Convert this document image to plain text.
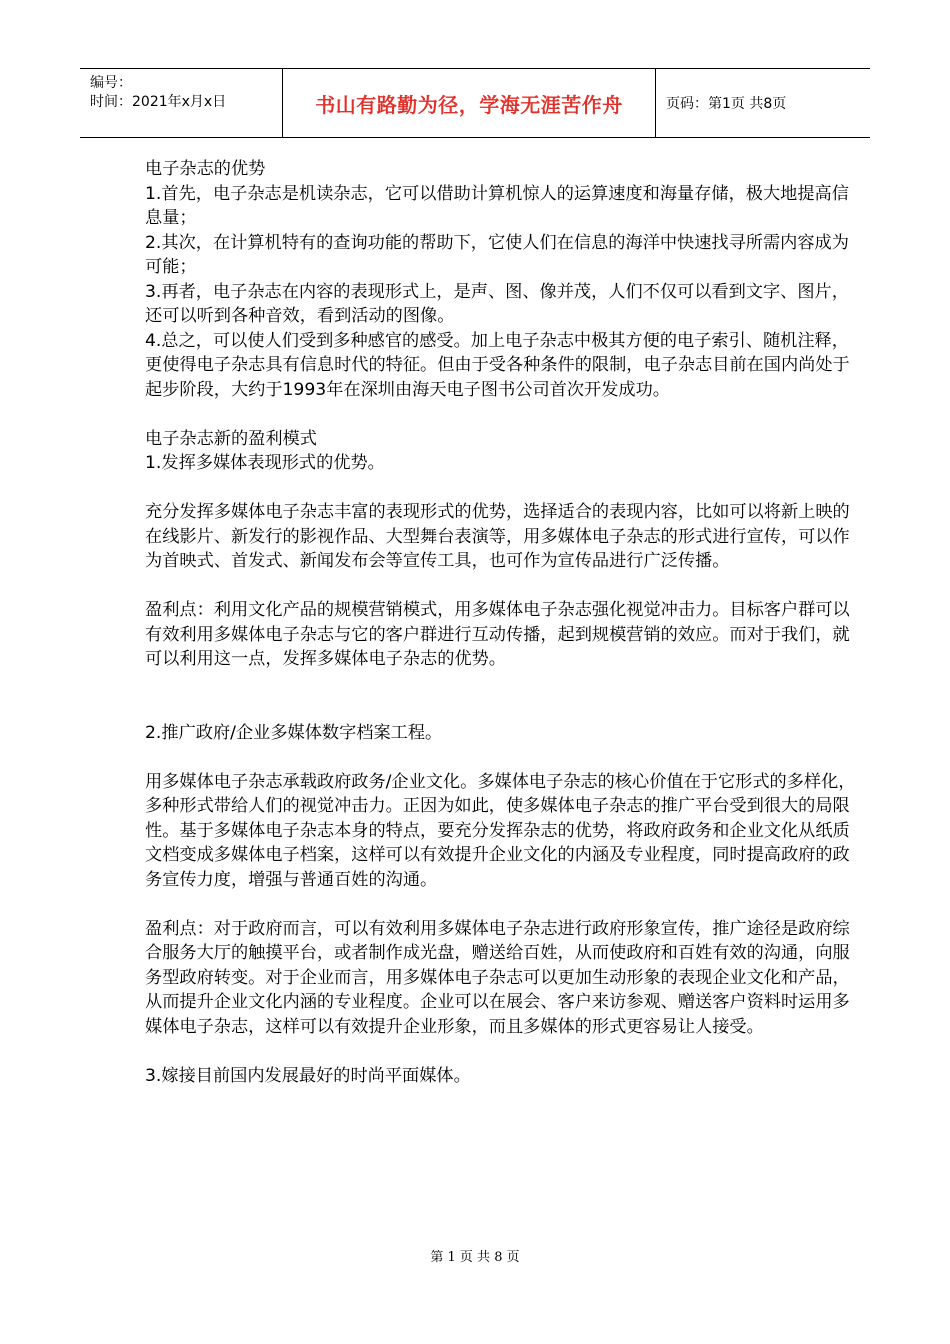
编号：
时间：2021年x月x日	书山有路勤为径，学海无涯苦作舟	页码：第1页 共8页

电子杂志的优势

1.首先，电子杂志是机读杂志，它可以借助计算机惊人的运算速度和海量存储，极大地提高信息量；

2.其次，在计算机特有的查询功能的帮助下，它使人们在信息的海洋中快速找寻所需内容成为可能；

3.再者，电子杂志在内容的表现形式上，是声、图、像并茂，人们不仅可以看到文字、图片，还可以听到各种音效，看到活动的图像。

4.总之，可以使人们受到多种感官的感受。加上电子杂志中极其方便的电子索引、随机注释，更使得电子杂志具有信息时代的特征。但由于受各种条件的限制，电子杂志目前在国内尚处于起步阶段，大约于1993年在深圳由海天电子图书公司首次开发成功。

电子杂志新的盈利模式

1.发挥多媒体表现形式的优势。

充分发挥多媒体电子杂志丰富的表现形式的优势，选择适合的表现内容，比如可以将新上映的在线影片、新发行的影视作品、大型舞台表演等，用多媒体电子杂志的形式进行宣传，可以作为首映式、首发式、新闻发布会等宣传工具，也可作为宣传品进行广泛传播。

盈利点：利用文化产品的规模营销模式，用多媒体电子杂志强化视觉冲击力。目标客户群可以有效利用多媒体电子杂志与它的客户群进行互动传播，起到规模营销的效应。而对于我们，就可以利用这一点，发挥多媒体电子杂志的优势。

2.推广政府/企业多媒体数字档案工程。

用多媒体电子杂志承载政府政务/企业文化。多媒体电子杂志的核心价值在于它形式的多样化，多种形式带给人们的视觉冲击力。正因为如此，使多媒体电子杂志的推广平台受到很大的局限性。基于多媒体电子杂志本身的特点，要充分发挥杂志的优势，将政府政务和企业文化从纸质文档变成多媒体电子档案，这样可以有效提升企业文化的内涵及专业程度，同时提高政府的政务宣传力度，增强与普通百姓的沟通。

盈利点：对于政府而言，可以有效利用多媒体电子杂志进行政府形象宣传，推广途径是政府综合服务大厅的触摸平台，或者制作成光盘，赠送给百姓，从而使政府和百姓有效的沟通，向服务型政府转变。对于企业而言，用多媒体电子杂志可以更加生动形象的表现企业文化和产品，从而提升企业文化内涵的专业程度。企业可以在展会、客户来访参观、赠送客户资料时运用多媒体电子杂志，这样可以有效提升企业形象，而且多媒体的形式更容易让人接受。

3.嫁接目前国内发展最好的时尚平面媒体。

第 1 页 共 8 页
